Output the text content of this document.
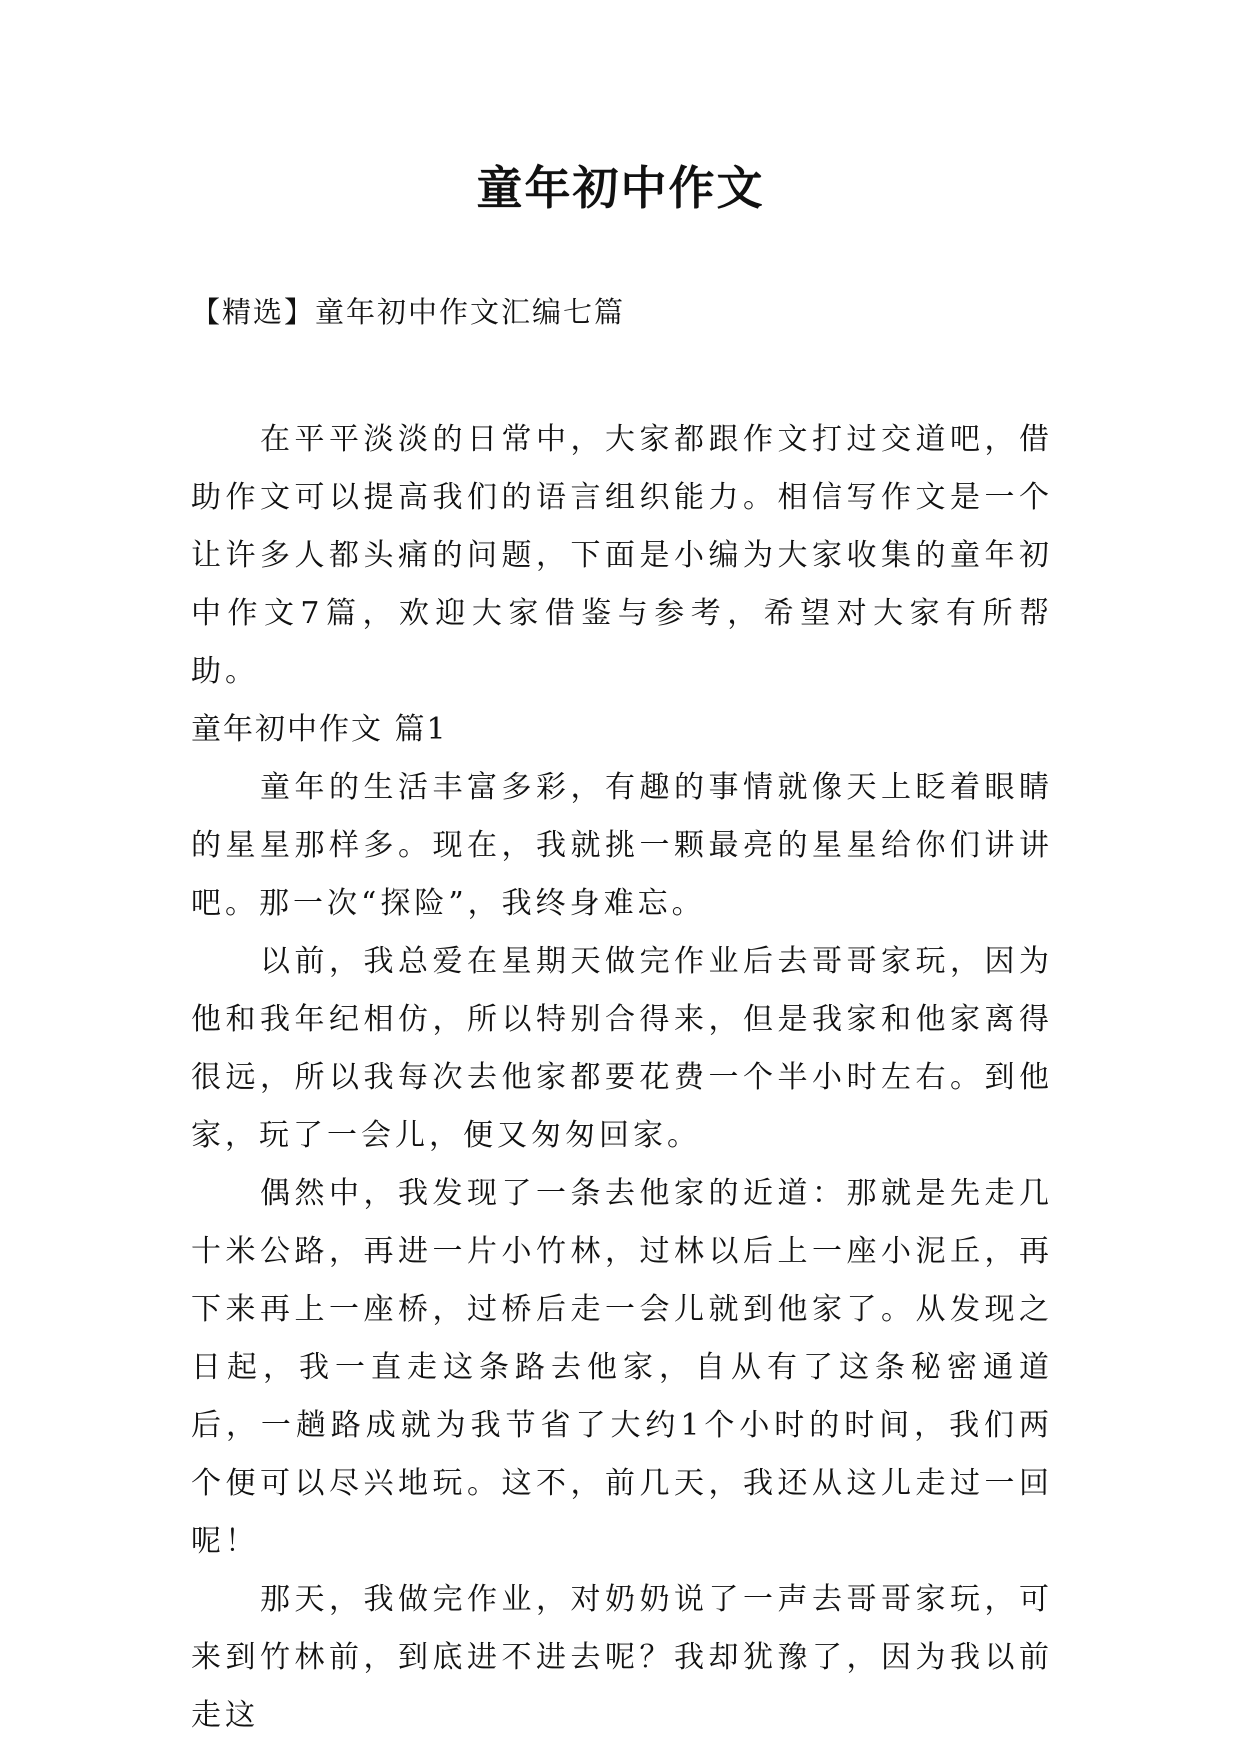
童年初中作文
【精选】童年初中作文汇编七篇

在平平淡淡的日常中，大家都跟作文打过交道吧，借助作文可以提高我们的语言组织能力。相信写作文是一个让许多人都头痛的问题，下面是小编为大家收集的童年初中作文7篇，欢迎大家借鉴与参考，希望对大家有所帮助。

童年初中作文 篇1

童年的生活丰富多彩，有趣的事情就像天上眨着眼睛的星星那样多。现在，我就挑一颗最亮的星星给你们讲讲吧。那一次“探险”，我终身难忘。

以前，我总爱在星期天做完作业后去哥哥家玩，因为他和我年纪相仿，所以特别合得来，但是我家和他家离得很远，所以我每次去他家都要花费一个半小时左右。到他家，玩了一会儿，便又匆匆回家。

偶然中，我发现了一条去他家的近道：那就是先走几十米公路，再进一片小竹林，过林以后上一座小泥丘，再下来再上一座桥，过桥后走一会儿就到他家了。从发现之日起，我一直走这条路去他家，自从有了这条秘密通道后，一趟路成就为我节省了大约1个小时的时间，我们两个便可以尽兴地玩。这不，前几天，我还从这儿走过一回呢！

那天，我做完作业，对奶奶说了一声去哥哥家玩，可来到竹林前，到底进不进去呢？我却犹豫了，因为我以前走这
